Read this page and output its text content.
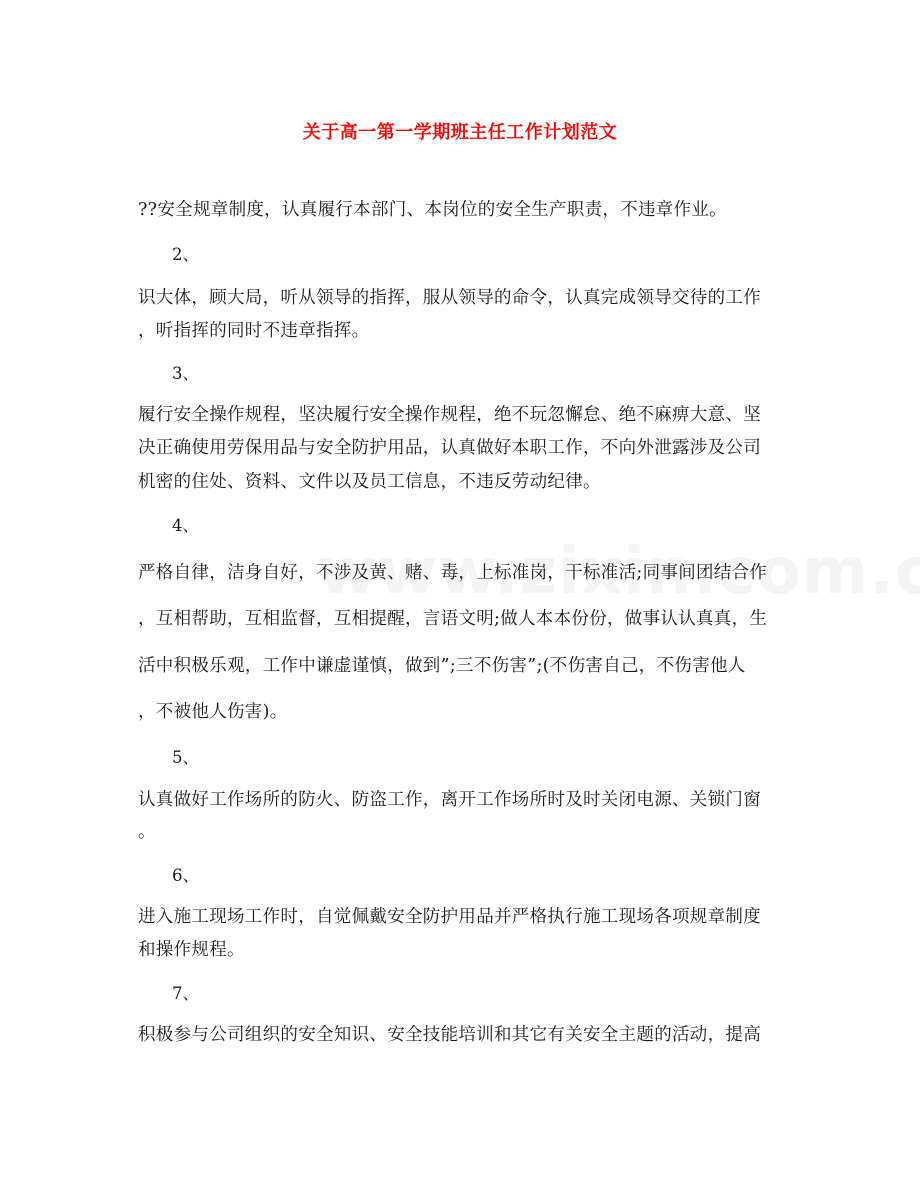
关于高一第一学期班主任工作计划范文
??安全规章制度，认真履行本部门、本岗位的安全生产职责，不违章作业。
2、
识大体，顾大局，听从领导的指挥，服从领导的命令，认真完成领导交待的工作
，听指挥的同时不违章指挥。
3、
履行安全操作规程，坚决履行安全操作规程，绝不玩忽懈怠、绝不麻痹大意、坚
决正确使用劳保用品与安全防护用品，认真做好本职工作，不向外泄露涉及公司
机密的住处、资料、文件以及员工信息，不违反劳动纪律。
4、
严格自律，洁身自好，不涉及黄、赌、毒，上标准岗，干标准活;同事间团结合作
，互相帮助，互相监督，互相提醒，言语文明;做人本本份份，做事认认真真，生
活中积极乐观，工作中谦虚谨慎，做到”;三不伤害”;(不伤害自己，不伤害他人
，不被他人伤害)。
5、
认真做好工作场所的防火、防盗工作，离开工作场所时及时关闭电源、关锁门窗
。
6、
进入施工现场工作时，自觉佩戴安全防护用品并严格执行施工现场各项规章制度
和操作规程。
7、
积极参与公司组织的安全知识、安全技能培训和其它有关安全主题的活动，提高
